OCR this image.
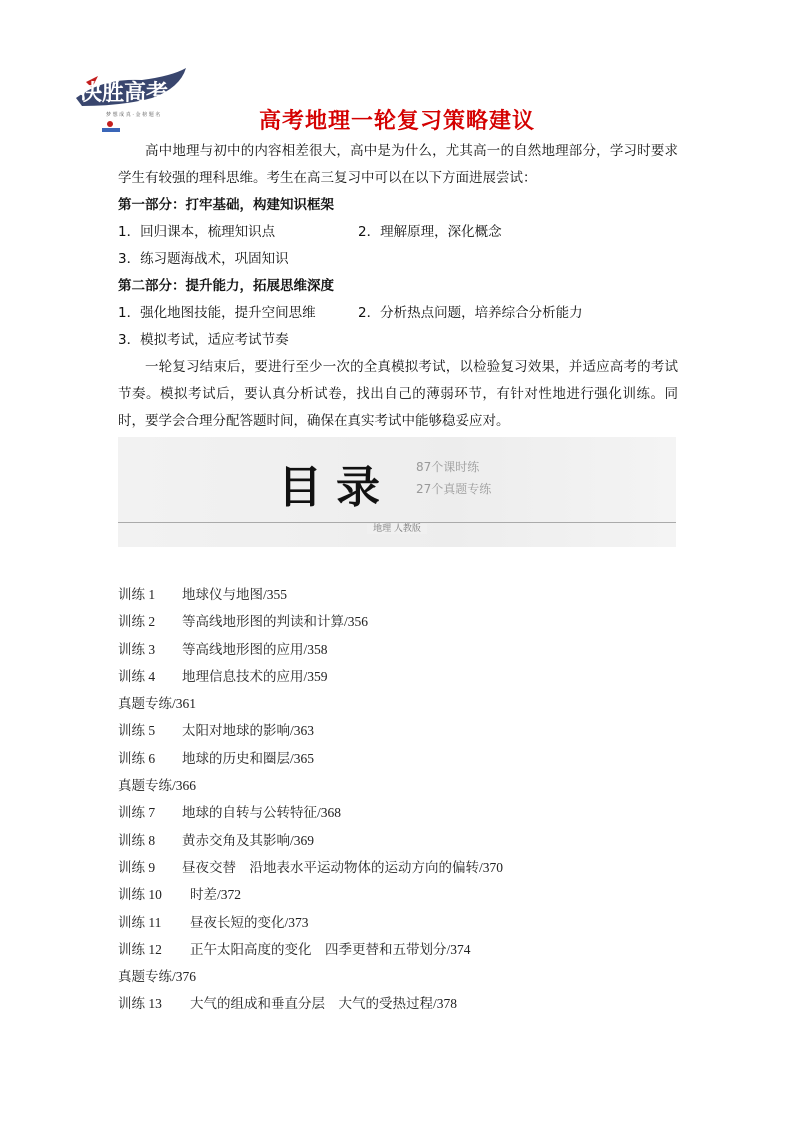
决胜高考
梦 想 成 真 · 金 榜 题 名	高考地理一轮复习策略建议

高中地理与初中的内容相差很大，高中是为什么，尤其高一的自然地理部分，学习时要求学生有较强的理科思维。考生在高三复习中可以在以下方面进展尝试：

第一部分：打牢基础，构建知识框架

1．回归课本，梳理知识点	2．理解原理，深化概念
3．练习题海战术，巩固知识

第二部分：提升能力，拓展思维深度

1．强化地图技能，提升空间思维	2．分析热点问题，培养综合分析能力
3．模拟考试，适应考试节奏

一轮复习结束后，要进行至少一次的全真模拟考试，以检验复习效果，并适应高考的考试节奏。模拟考试后，要认真分析试卷，找出自己的薄弱环节，有针对性地进行强化训练。同时，要学会合理分配答题时间，确保在真实考试中能够稳妥应对。

目录 87个课时练
27个真题专练
地理 人教版
训练 1 地球仪与地图/355
训练 2 等高线地形图的判读和计算/356
训练 3 等高线地形图的应用/358
训练 4 地理信息技术的应用/359
真题专练/361
训练 5 太阳对地球的影响/363
训练 6 地球的历史和圈层/365
真题专练/366
训练 7 地球的自转与公转特征/368
训练 8 黄赤交角及其影响/369
训练 9 昼夜交替　沿地表水平运动物体的运动方向的偏转/370
训练 10 时差/372
训练 11 昼夜长短的变化/373
训练 12 正午太阳高度的变化　四季更替和五带划分/374
真题专练/376
训练 13 大气的组成和垂直分层　大气的受热过程/378
